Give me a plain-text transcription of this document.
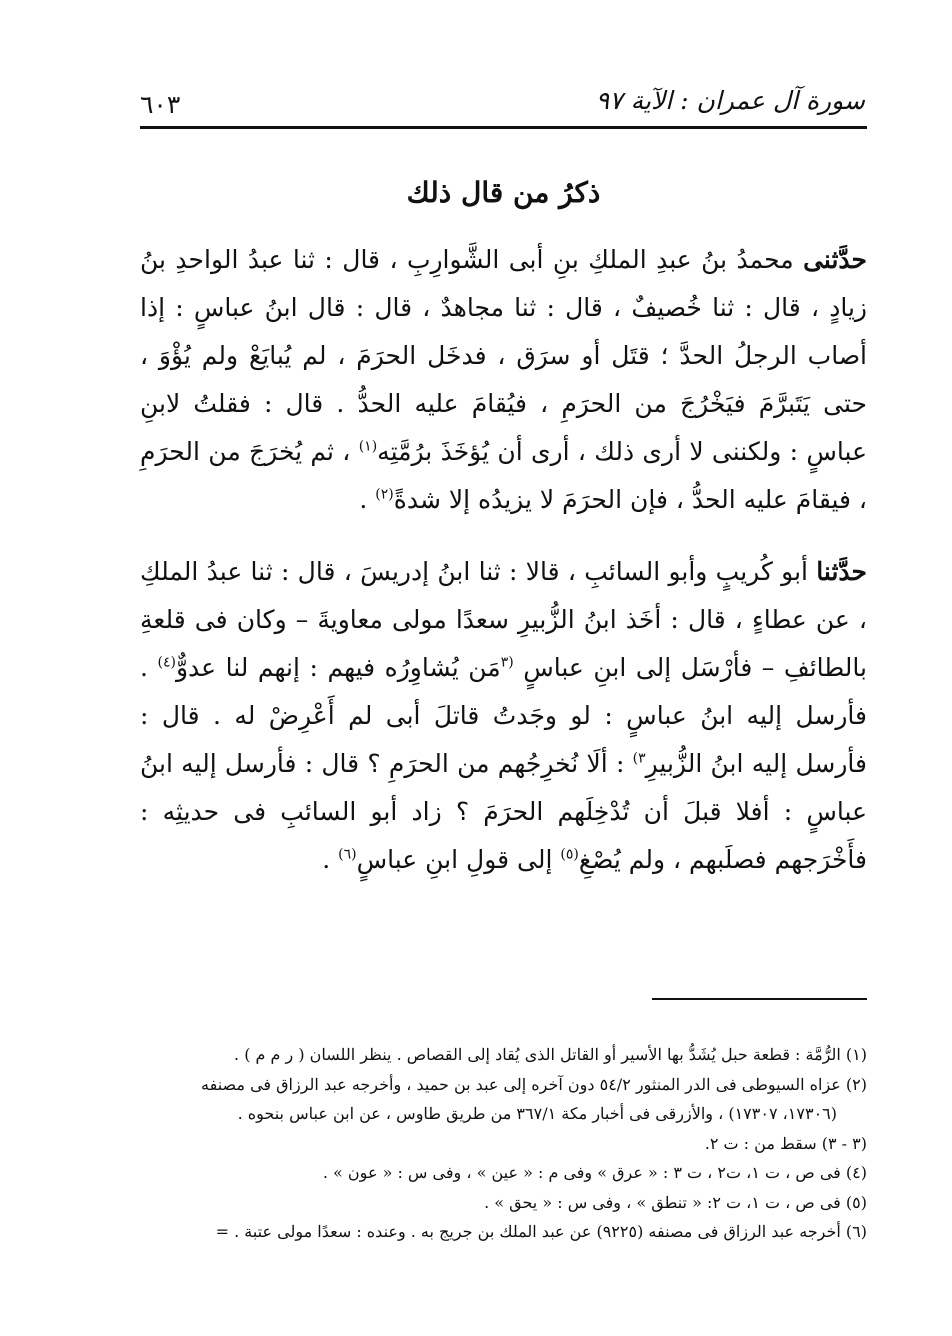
٦٠٣	سورة آل عمران : الآية ٩٧
ذكرُ من قال ذلك

حدَّثنى محمدُ بنُ عبدِ الملكِ بنِ أبى الشَّوارِبِ ، قال : ثنا عبدُ الواحدِ بنُ زيادٍ ، قال : ثنا خُصيفٌ ، قال : ثنا مجاهدٌ ، قال : قال ابنُ عباسٍ : إذا أصاب الرجلُ الحدَّ ؛ قتَل أو سرَق ، فدخَل الحرَمَ ، لم يُبايَعْ ولم يُؤْوَ ، حتى يَتَبرَّمَ فيَخْرُجَ من الحرَمِ ، فيُقامَ عليه الحدُّ . قال : فقلتُ لابنِ عباسٍ : ولكننى لا أرى ذلك ، أرى أن يُؤخَذَ برُمَّتِه$^{(١)}$ ، ثم يُخرَجَ من الحرَمِ ، فيقامَ عليه الحدُّ ، فإن الحرَمَ لا يزيدُه إلا شدةً$^{(٢)}$ .

حدَّثنا أبو كُريبٍ وأبو السائبِ ، قالا : ثنا ابنُ إدريسَ ، قال : ثنا عبدُ الملكِ ، عن عطاءٍ ، قال : أخَذ ابنُ الزُّبيرِ سعدًا مولى معاويةَ – وكان فى قلعةِ بالطائفِ – فأرْسَل إلى ابنِ عباسٍ $^{(٣}$مَن يُشاوِرُه فيهم : إنهم لنا عدوٌّ$^{(٤)}$ . فأرسل إليه ابنُ عباسٍ : لو وجَدتُ قاتلَ أبى لم أَعْرِضْ له . قال : فأرسل إليه ابنُ الزُّبيرِ$^{٣)}$ : ألَا نُخرِجُهم من الحرَمِ ؟ قال : فأرسل إليه ابنُ عباسٍ : أفلا قبلَ أن تُدْخِلَهم الحرَمَ ؟ زاد أبو السائبِ فى حديثِه : فأَخْرَجهم فصلَبهم ، ولم يُصْغِ$^{(٥)}$ إلى قولِ ابنِ عباسٍ$^{(٦)}$ .

(١) الرُّمَّة : قطعة حبل يُشَدُّ بها الأسير أو القاتل الذى يُقاد إلى القصاص . ينظر اللسان ( ر م م ) .

(٢) عزاه السيوطى فى الدر المنثور ٥٤/٢ دون آخره إلى عبد بن حميد ، وأخرجه عبد الرزاق فى مصنفه

(١٧٣٠٦، ١٧٣٠٧) ، والأزرقى فى أخبار مكة ٣٦٧/١ من طريق طاوس ، عن ابن عباس بنحوه .

(٣ - ٣) سقط من : ت ٢.

(٤) فى ص ، ت ١، ت٢ ، ت ٣ : « عرق » وفى م : « عين » ، وفى س : « عون » .

(٥) فى ص ، ت ١، ت ٢: « تنطق » ، وفى س : « يحق » .

(٦) أخرجه عبد الرزاق فى مصنفه (٩٢٢٥) عن عبد الملك بن جريج به . وعنده : سعدًا مولى عتبة . =
